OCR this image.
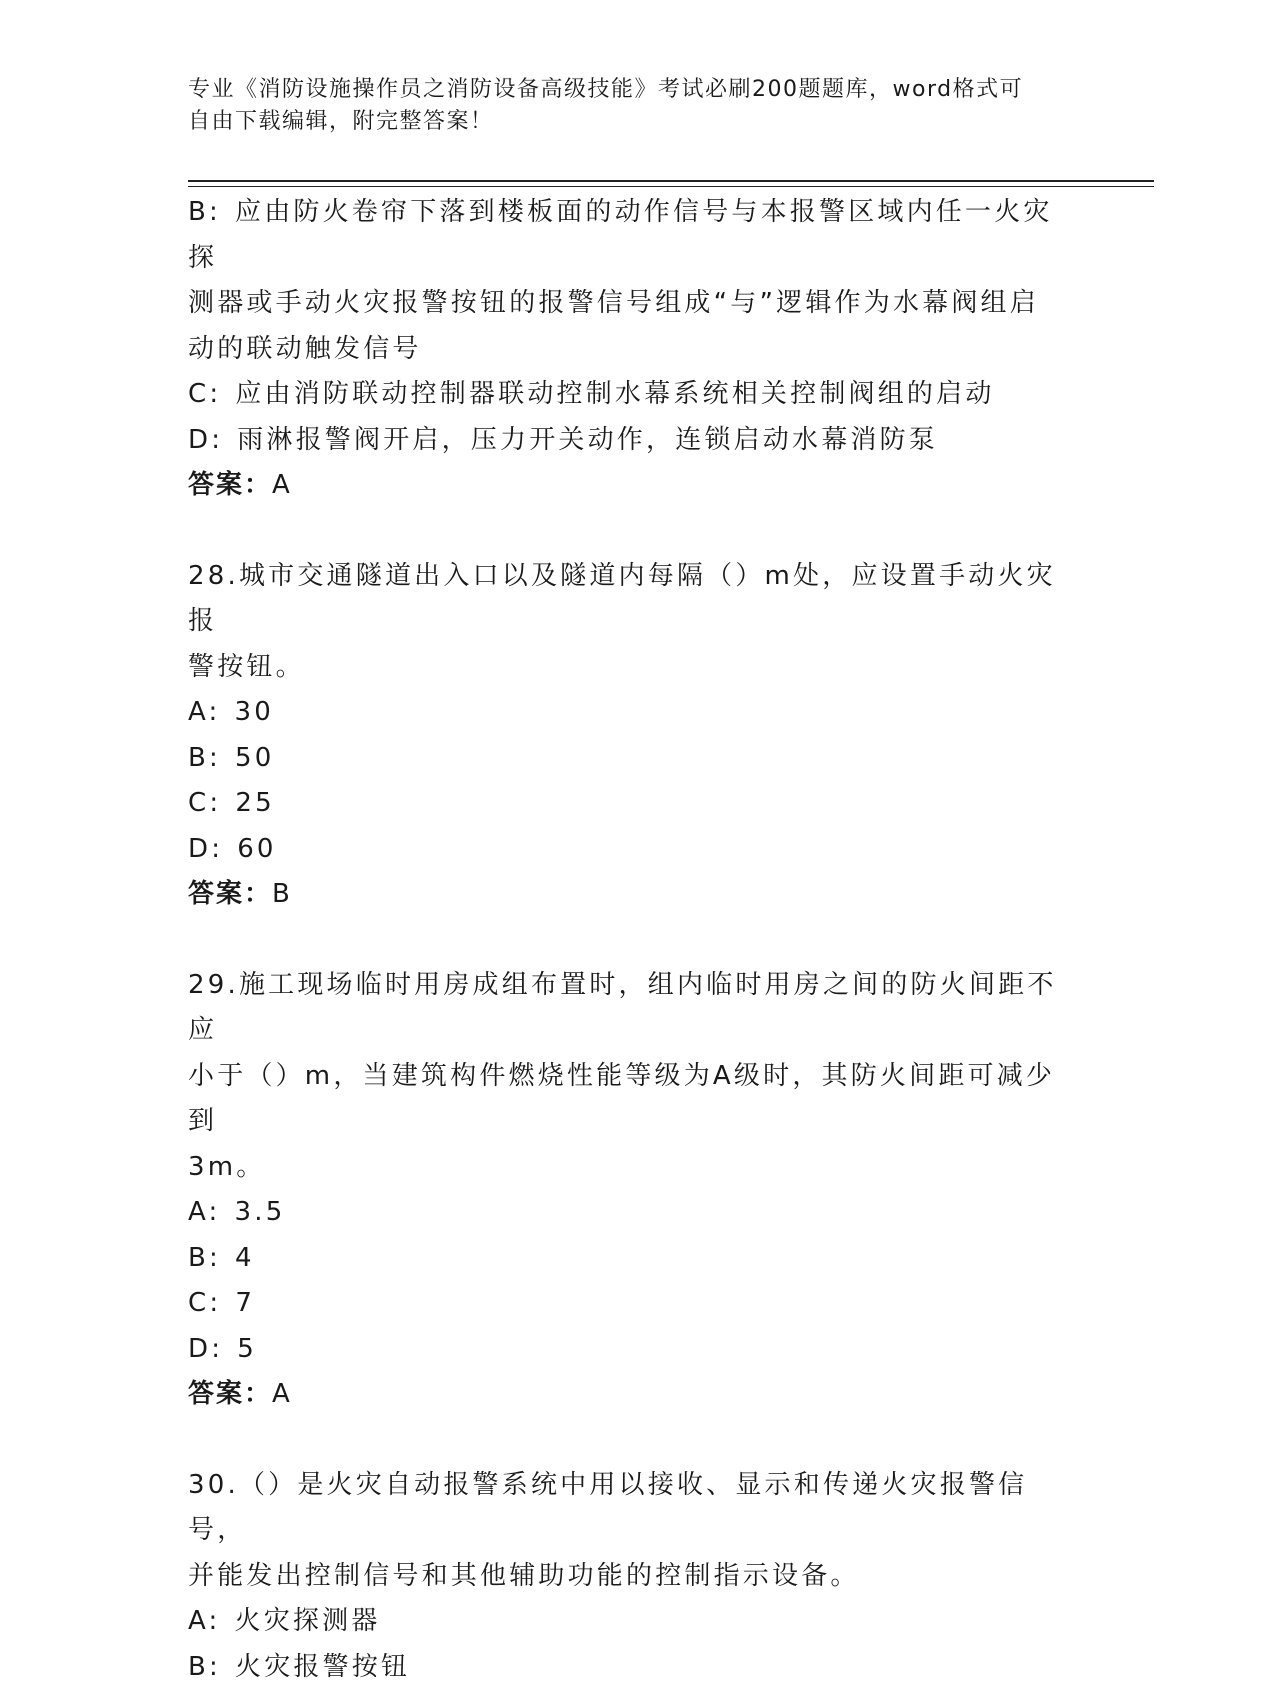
专业《消防设施操作员之消防设备高级技能》考试必刷200题题库，word格式可
自由下载编辑，附完整答案！
B: 应由防火卷帘下落到楼板面的动作信号与本报警区域内任一火灾探
测器或手动火灾报警按钮的报警信号组成“与”逻辑作为水幕阀组启
动的联动触发信号
C: 应由消防联动控制器联动控制水幕系统相关控制阀组的启动
D: 雨淋报警阀开启，压力开关动作，连锁启动水幕消防泵
答案：A
28.城市交通隧道出入口以及隧道内每隔（）m处，应设置手动火灾报
警按钮。
A: 30
B: 50
C: 25
D: 60
答案：B
29.施工现场临时用房成组布置时，组内临时用房之间的防火间距不应
小于（）m，当建筑构件燃烧性能等级为A级时，其防火间距可减少到
3m。
A: 3.5
B: 4
C: 7
D: 5
答案：A
30.（）是火灾自动报警系统中用以接收、显示和传递火灾报警信号，
并能发出控制信号和其他辅助功能的控制指示设备。
A: 火灾探测器
B: 火灾报警按钮
